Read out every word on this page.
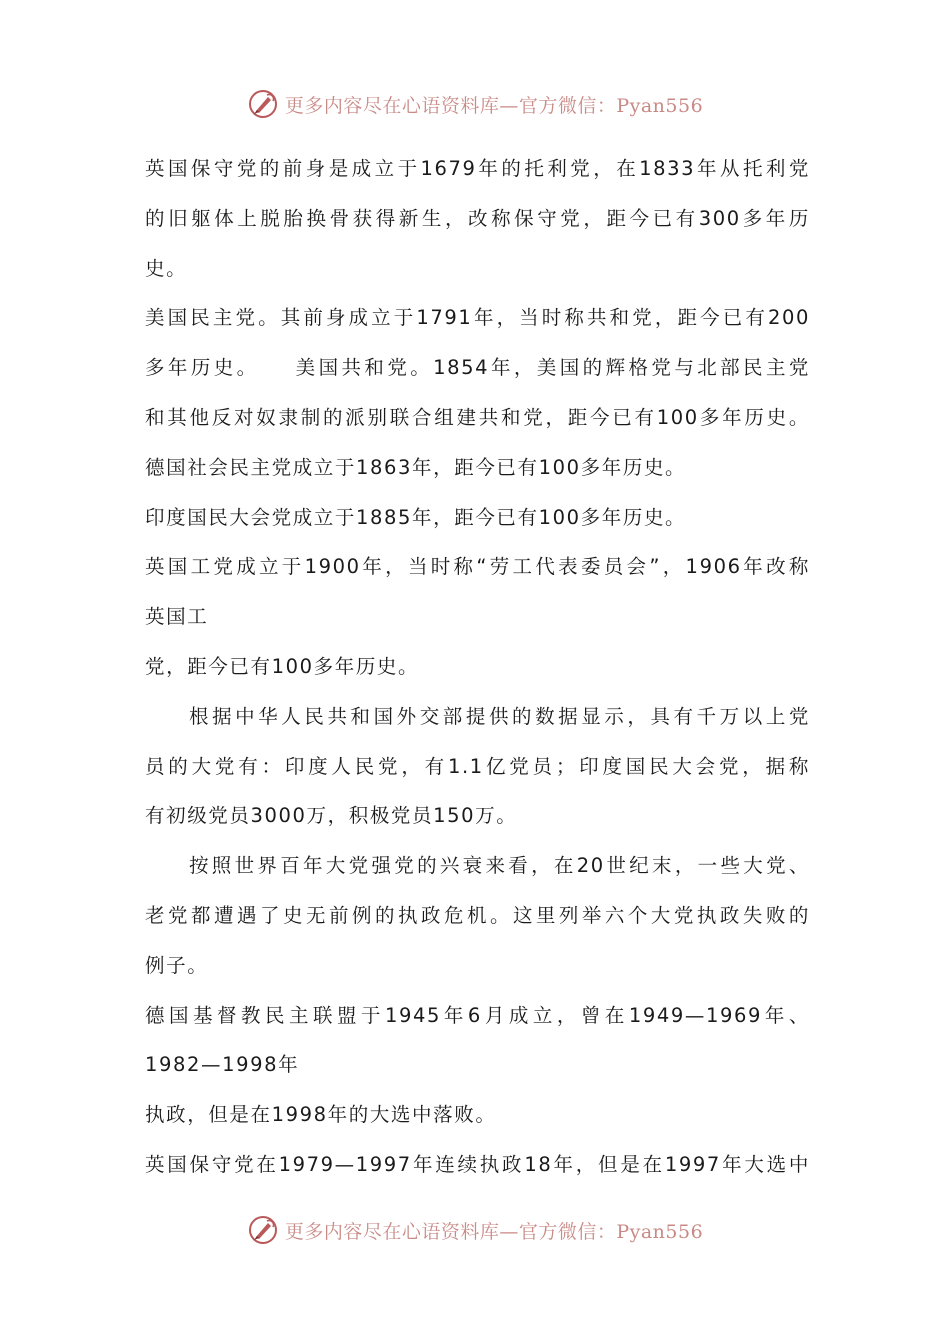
更多内容尽在心语资料库—官方微信：Pyan556
英国保守党的前身是成立于1679年的托利党，在1833年从托利党
的旧躯体上脱胎换骨获得新生，改称保守党，距今已有300多年历
史。
美国民主党。其前身成立于1791年，当时称共和党，距今已有200
多年历史。　　美国共和党。1854年，美国的辉格党与北部民主党
和其他反对奴隶制的派别联合组建共和党，距今已有100多年历史。
德国社会民主党成立于1863年，距今已有100多年历史。
印度国民大会党成立于1885年，距今已有100多年历史。
英国工党成立于1900年，当时称“劳工代表委员会”，1906年改称
英国工
党，距今已有100多年历史。
根据中华人民共和国外交部提供的数据显示，具有千万以上党
员的大党有：印度人民党，有1.1亿党员；印度国民大会党，据称
有初级党员3000万，积极党员150万。
按照世界百年大党强党的兴衰来看，在20世纪末，一些大党、
老党都遭遇了史无前例的执政危机。这里列举六个大党执政失败的
例子。
德国基督教民主联盟于1945年6月成立，曾在1949—1969年、
1982—1998年
执政，但是在1998年的大选中落败。
英国保守党在1979—1997年连续执政18年，但是在1997年大选中
更多内容尽在心语资料库—官方微信：Pyan556
